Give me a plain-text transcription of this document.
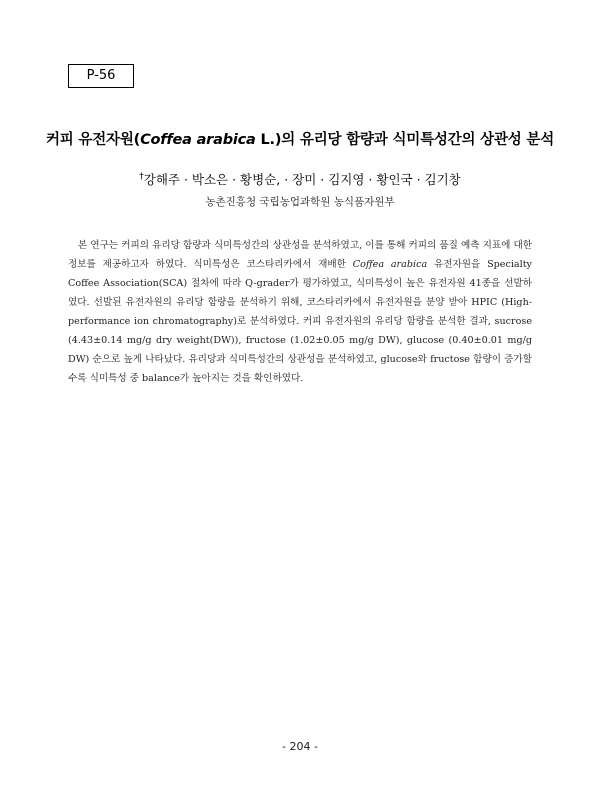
P-56
커피 유전자원(Coffea arabica L.)의 유리당 함량과 식미특성간의 상관성 분석
†강해주 · 박소은 · 황병순, · 장미 · 김지영 · 황인국 · 김기창
농촌진흥청 국립농업과학원 농식품자원부

본 연구는 커피의 유리당 함량과 식미특성간의 상관성을 분석하였고, 이를 통해 커피의 품질 예측 지표에 대한 정보를 제공하고자 하였다. 식미특성은 코스타리카에서 재배한 Coffea arabica 유전자원을 Specialty Coffee Association(SCA) 절차에 따라 Q-grader가 평가하였고, 식미특성이 높은 유전자원 41종을 선발하였다. 선발된 유전자원의 유리당 함량을 분석하기 위해, 코스타리카에서 유전자원을 분양 받아 HPIC (High-performance ion chromatography)로 분석하였다. 커피 유전자원의 유리당 함량을 분석한 결과, sucrose (4.43±0.14 mg/g dry weight(DW)), fructose (1.02±0.05 mg/g DW), glucose (0.40±0.01 mg/g DW) 순으로 높게 나타났다. 유리당과 식미특성간의 상관성을 분석하였고, glucose와 fructose 함량이 증가할수록 식미특성 중 balance가 높아지는 것을 확인하였다.

- 204 -
